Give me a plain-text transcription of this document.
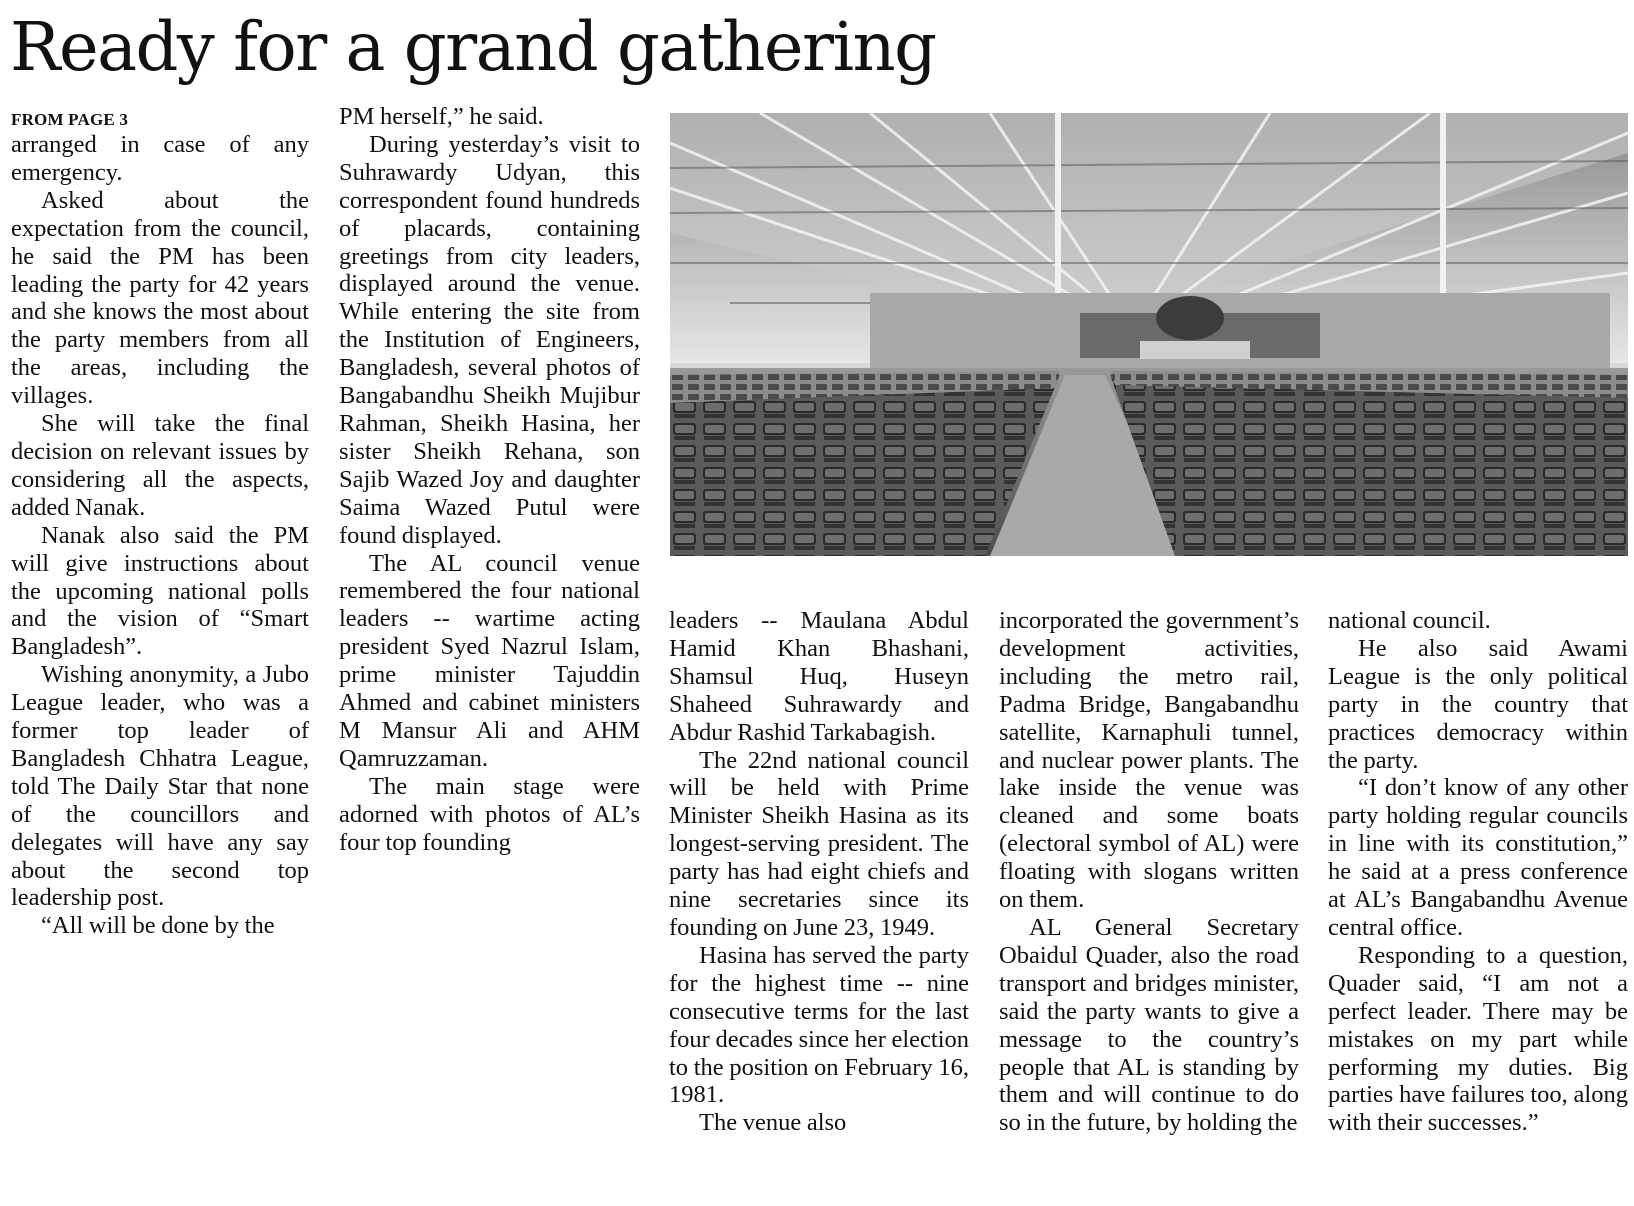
Ready for a grand gathering
FROM PAGE 3

arranged in case of any emergency.

Asked about the expectation from the council, he said the PM has been leading the party for 42 years and she knows the most about the party members from all the areas, including the villages.

She will take the final decision on relevant issues by considering all the aspects, added Nanak.

Nanak also said the PM will give instructions about the upcoming national polls and the vision of “Smart Bangladesh”.

Wishing anonymity, a Jubo League leader, who was a former top leader of Bangladesh Chhatra League, told The Daily Star that none of the councillors and delegates will have any say about the second top leadership post.

“All will be done by the

PM herself,” he said.

During yesterday’s visit to Suhrawardy Udyan, this correspondent found hundreds of placards, containing greetings from city leaders, displayed around the venue. While entering the site from the Institution of Engineers, Bangladesh, several photos of Bangabandhu Sheikh Mujibur Rahman, Sheikh Hasina, her sister Sheikh Rehana, son Sajib Wazed Joy and daughter Saima Wazed Putul were found displayed.

The AL council venue remembered the four national leaders -- wartime acting president Syed Nazrul Islam, prime minister Tajuddin Ahmed and cabinet ministers M Mansur Ali and AHM Qamruzzaman.

The main stage were adorned with photos of AL’s four top founding

leaders -- Maulana Abdul Hamid Khan Bhashani, Shamsul Huq, Huseyn Shaheed Suhrawardy and Abdur Rashid Tarkabagish.

The 22nd national council will be held with Prime Minister Sheikh Hasina as its longest-serving president. The party has had eight chiefs and nine secretaries since its founding on June 23, 1949.

Hasina has served the party for the highest time -- nine consecutive terms for the last four decades since her election to the position on February 16, 1981.

The venue also

incorporated the government’s development activities, including the metro rail, Padma Bridge, Bangabandhu satellite, Karnaphuli tunnel, and nuclear power plants. The lake inside the venue was cleaned and some boats (electoral symbol of AL) were floating with slogans written on them.

AL General Secretary Obaidul Quader, also the road transport and bridges minister, said the party wants to give a message to the country’s people that AL is standing by them and will continue to do so in the future, by holding the

national council.

He also said Awami League is the only political party in the country that practices democracy within the party.

“I don’t know of any other party holding regular councils in line with its constitution,” he said at a press conference at AL’s Bangabandhu Avenue central office.

Responding to a question, Quader said, “I am not a perfect leader. There may be mistakes on my part while performing my duties. Big parties have failures too, along with their successes.”
